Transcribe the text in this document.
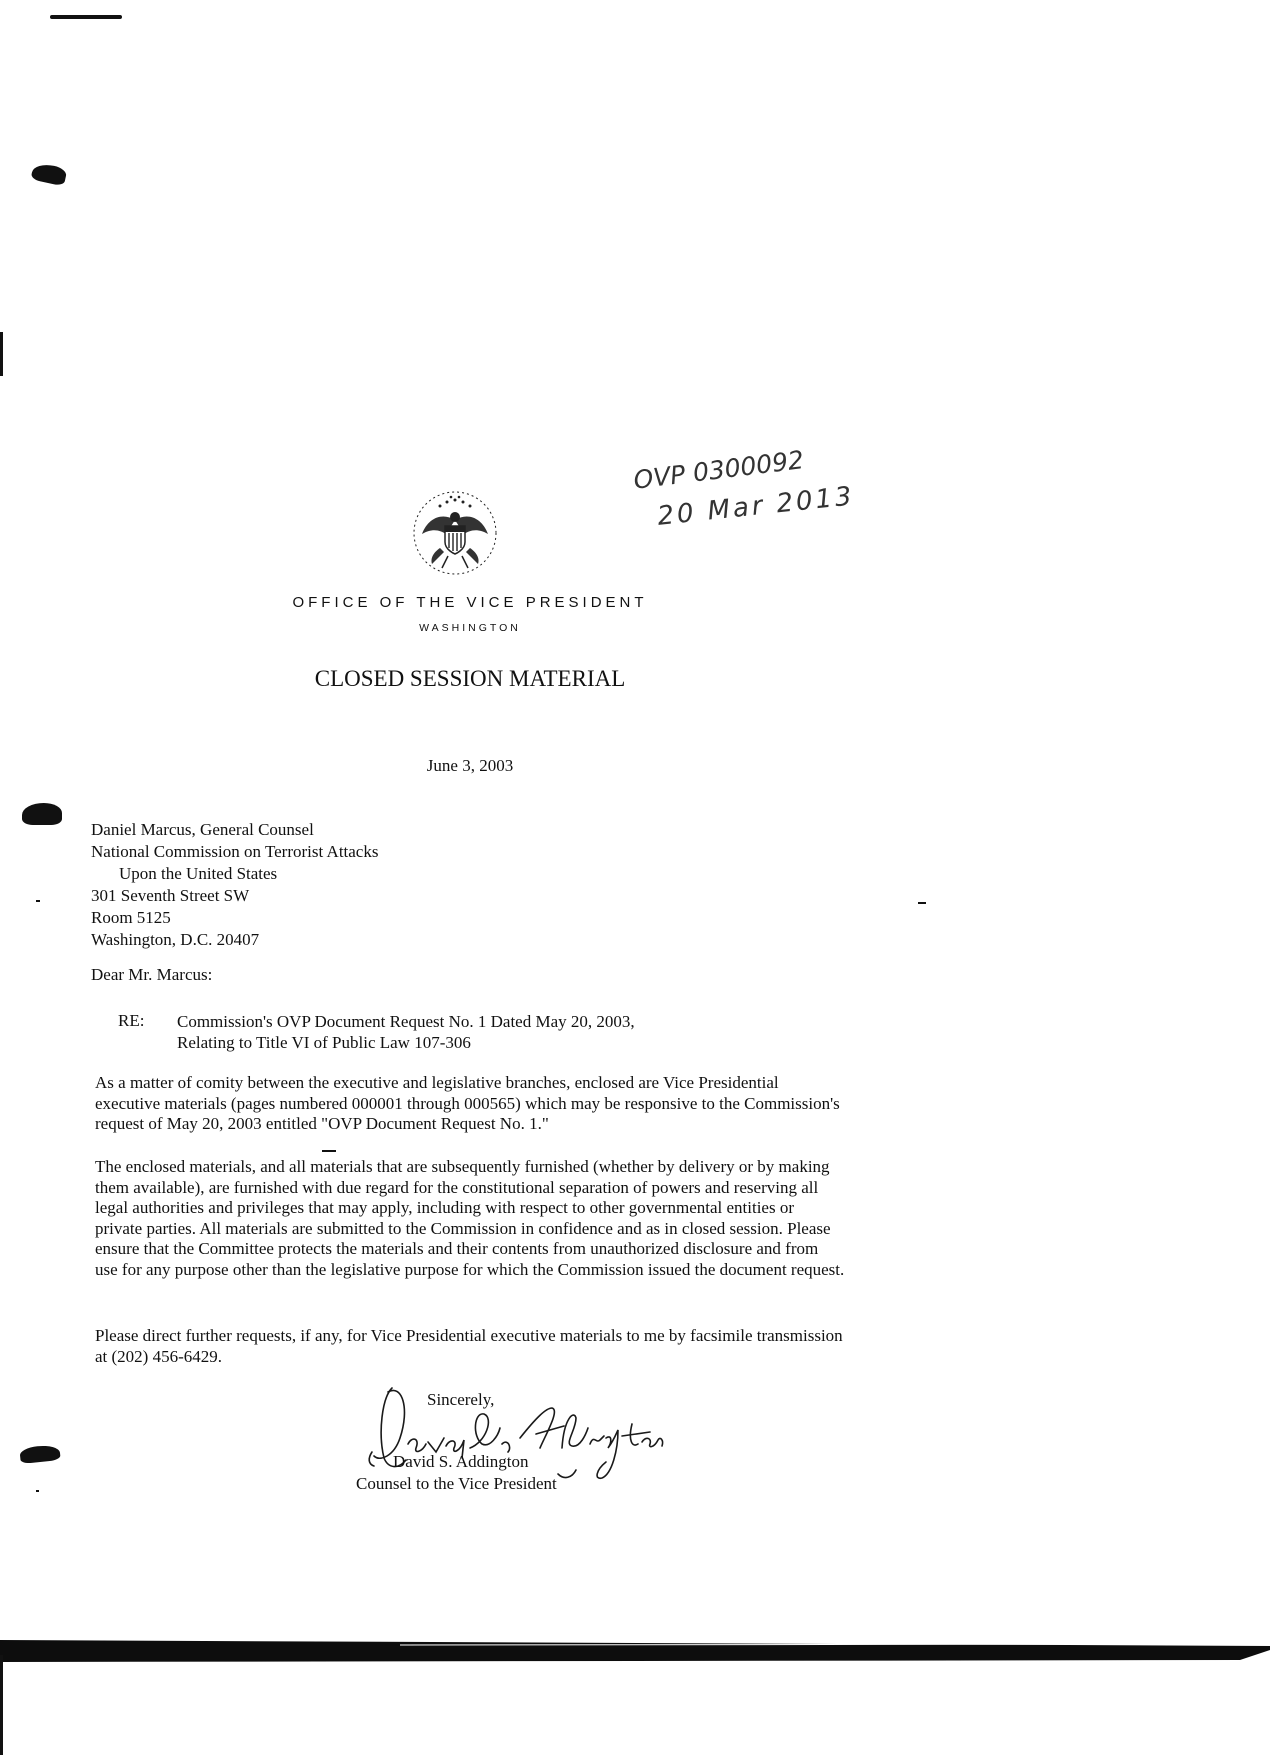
OVP 0300092
20 Mar 2013
OFFICE OF THE VICE PRESIDENT
WASHINGTON
CLOSED SESSION MATERIAL
June 3, 2003
Daniel Marcus, General Counsel
National Commission on Terrorist Attacks
Upon the United States
301 Seventh Street SW
Room 5125
Washington, D.C. 20407
Dear Mr. Marcus:
RE: Commission's OVP Document Request No. 1 Dated May 20, 2003,
Relating to Title VI of Public Law 107-306

As a matter of comity between the executive and legislative branches, enclosed are Vice Presidential executive materials (pages numbered 000001 through 000565) which may be responsive to the Commission's request of May 20, 2003 entitled "OVP Document Request No. 1."

The enclosed materials, and all materials that are subsequently furnished (whether by delivery or by making them available), are furnished with due regard for the constitutional separation of powers and reserving all legal authorities and privileges that may apply, including with respect to other governmental entities or private parties. All materials are submitted to the Commission in confidence and as in closed session. Please ensure that the Committee protects the materials and their contents from unauthorized disclosure and from use for any purpose other than the legislative purpose for which the Commission issued the document request.

Please direct further requests, if any, for Vice Presidential executive materials to me by facsimile transmission at (202) 456-6429.

Sincerely,
David S. Addington
Counsel to the Vice President
